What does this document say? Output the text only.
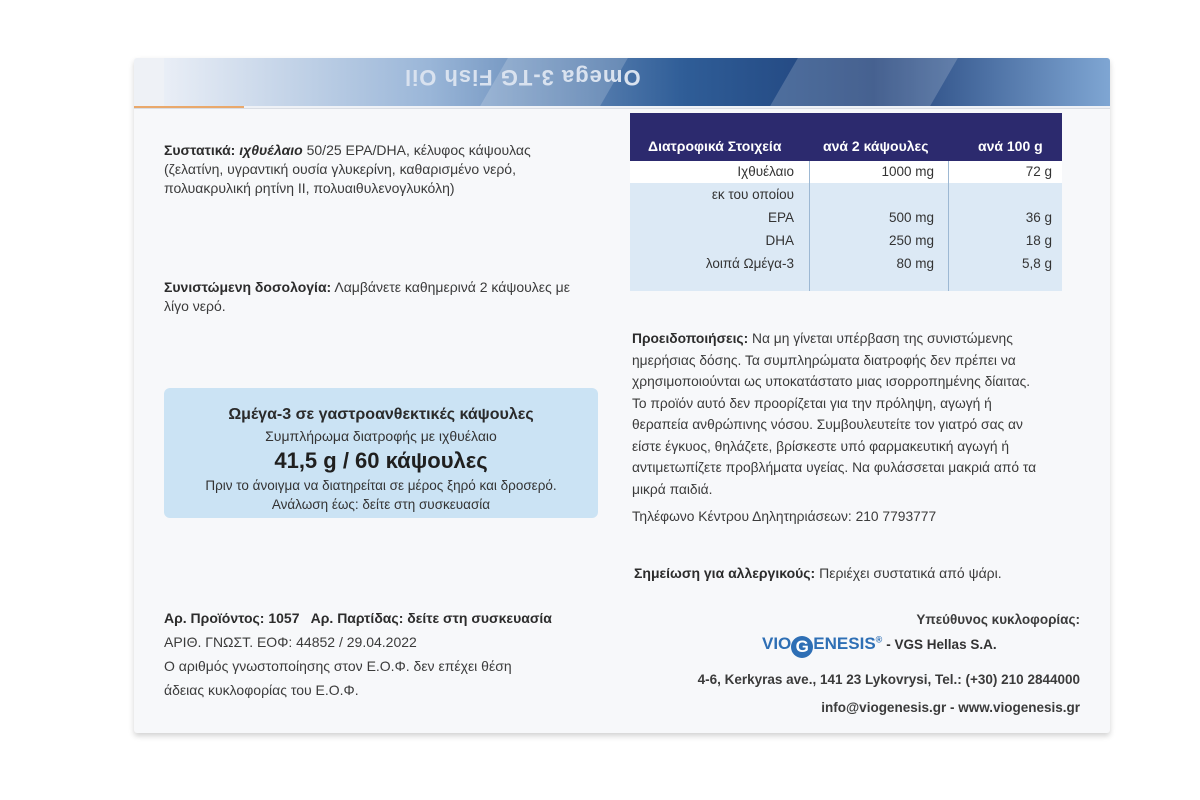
Omega 3-TG Fish Oil
Συστατικά: ιχθυέλαιο 50/25 EPA/DHA, κέλυφος κάψουλας
(ζελατίνη, υγραντική ουσία γλυκερίνη, καθαρισμένο νερό,
πολυακρυλική ρητίνη ΙΙ, πολυαιθυλενογλυκόλη)
Συνιστώμενη δοσολογία: Λαμβάνετε καθημερινά 2 κάψουλες με
λίγο νερό.
Διατροφικά Στοιχεία	ανά 2 κάψουλες	ανά 100 g
Ιχθυέλαιο	1000 mg	72 g
εκ του οποίου
EPA	500 mg	36 g
DHA	250 mg	18 g
λοιπά Ωμέγα-3	80 mg	5,8 g
Ωμέγα-3 σε γαστροανθεκτικές κάψουλες
Συμπλήρωμα διατροφής με ιχθυέλαιο
41,5 g / 60 κάψουλες
Πριν το άνοιγμα να διατηρείται σε μέρος ξηρό και δροσερό.
Ανάλωση έως: δείτε στη συσκευασία
Προειδοποιήσεις: Να μη γίνεται υπέρβαση της συνιστώμενης
ημερήσιας δόσης. Τα συμπληρώματα διατροφής δεν πρέπει να
χρησιμοποιούνται ως υποκατάστατο μιας ισορροπημένης δίαιτας.
Το προϊόν αυτό δεν προορίζεται για την πρόληψη, αγωγή ή
θεραπεία ανθρώπινης νόσου. Συμβουλευτείτε τον γιατρό σας αν
είστε έγκυος, θηλάζετε, βρίσκεστε υπό φαρμακευτική αγωγή ή
αντιμετωπίζετε προβλήματα υγείας. Να φυλάσσεται μακριά από τα
μικρά παιδιά.
Τηλέφωνο Κέντρου Δηλητηριάσεων: 210 7793777
Σημείωση για αλλεργικούς: Περιέχει συστατικά από ψάρι.
Αρ. Προϊόντος: 1057   Αρ. Παρτίδας: δείτε στη συσκευασία
ΑΡΙΘ. ΓΝΩΣΤ. ΕΟΦ: 44852 / 29.04.2022
Ο αριθμός γνωστοποίησης στον Ε.Ο.Φ. δεν επέχει θέση
άδειας κυκλοφορίας του Ε.Ο.Φ.
Υπεύθυνος κυκλοφορίας:
VIO G ENESIS® - VGS Hellas S.A.
4-6, Kerkyras ave., 141 23 Lykovrysi, Tel.: (+30) 210 2844000
info@viogenesis.gr - www.viogenesis.gr
